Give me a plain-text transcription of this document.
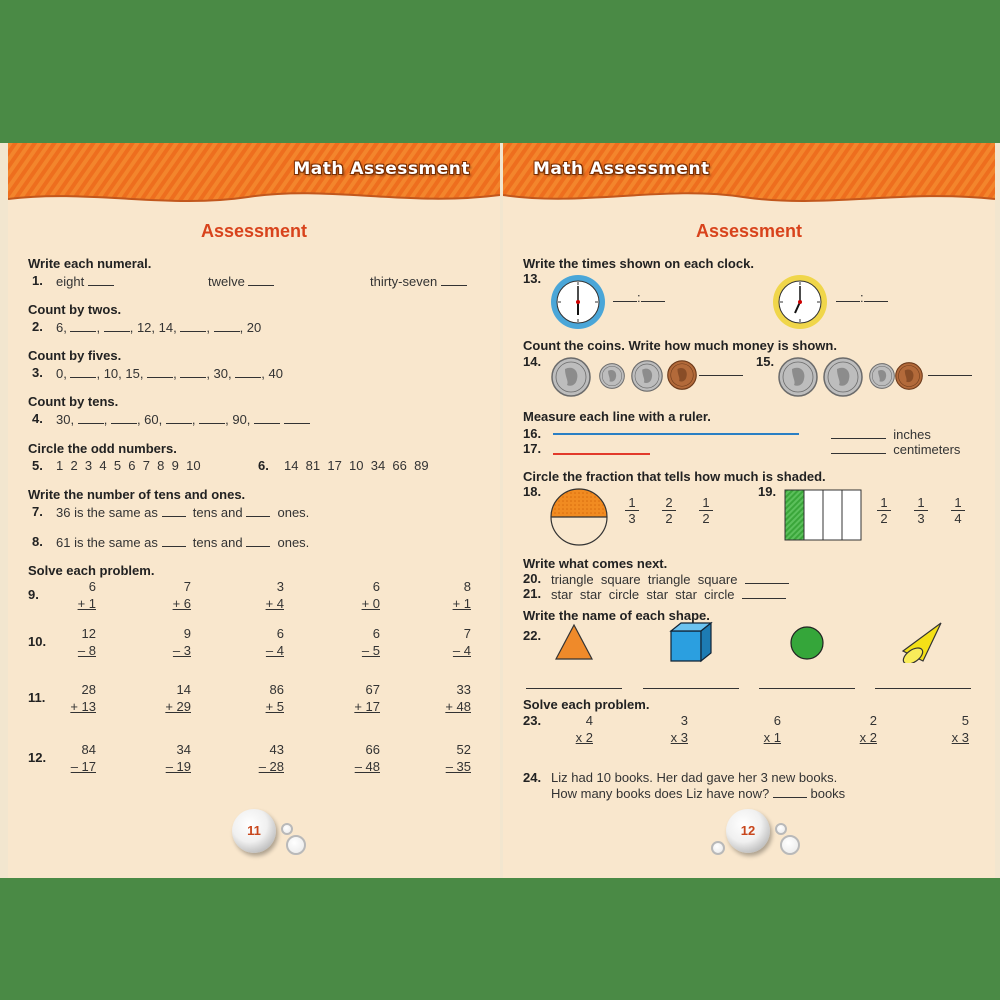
Math Assessment
Assessment
Write each numeral.
1. eight	twelve	thirty-seven
Count by twos.
2. 6, , , 12, 14, , , 20
Count by fives.
3. 0, , 10, 15, , , 30, , 40
Count by tens.
4. 30, , , 60, , , 90,
Circle the odd numbers.
5. 1  2  3  4  5  6  7  8  9  10	6. 14  81  17  10  34  66  89
Write the number of tens and ones.
7. 36 is the same as	tens and	ones.
8. 61 is the same as	tens and	ones.
Solve each problem.
9.
6
+ 1
7
+ 6
3
+ 4
6
+ 0
8
+ 1
10.
12
– 8
9
– 3
6
– 4
6
– 5
7
– 4
11.
28
+ 13
14
+ 29
86
+ 5
67
+ 17
33
+ 48
12.
84
– 17
34
– 19
43
– 28
66
– 48
52
– 35
11
Math Assessment
Assessment
Write the times shown on each clock.
13.
:	:
Count the coins. Write how much money is shown.
14.	15.
Measure each line with a ruler.
16.	inches
17.	centimeters
Circle the fraction that tells how much is shaded.
18.
$\frac{1}{3} \frac{2}{2} \frac{1}{2}$
19.
$\frac{1}{2} \frac{1}{3} \frac{1}{4}$
Write what comes next.
20. triangle  square  triangle  square
21. star  star  circle  star  star  circle
Write the name of each shape.
22.
Solve each problem.
23.	4
x 2
3
x 3
6
x 1
2
x 2
5
x 3
24. Liz had 10 books. Her dad gave her 3 new books.
How many books does Liz have now?	books
12
